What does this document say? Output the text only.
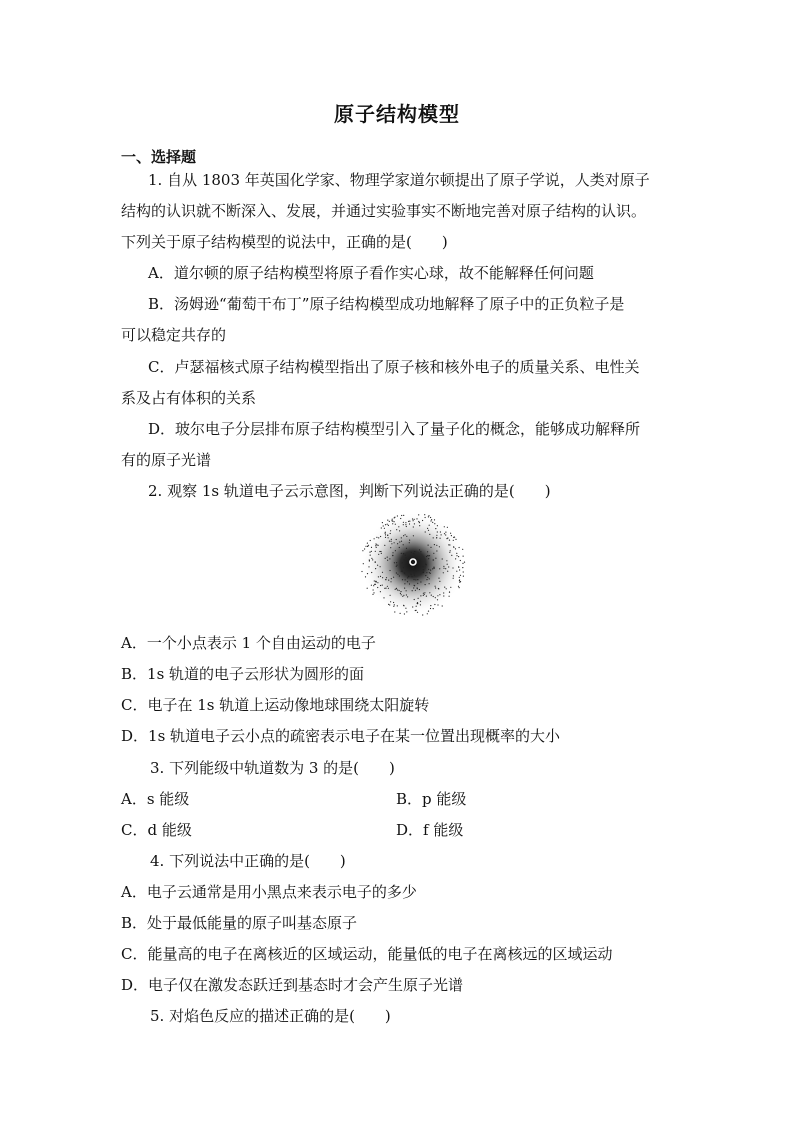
原子结构模型
一、选择题
1. 自从 1803 年英国化学家、物理学家道尔顿提出了原子学说，人类对原子
结构的认识就不断深入、发展，并通过实验事实不断地完善对原子结构的认识。
下列关于原子结构模型的说法中，正确的是(　　)
A．道尔顿的原子结构模型将原子看作实心球，故不能解释任何问题
B．汤姆逊“葡萄干布丁”原子结构模型成功地解释了原子中的正负粒子是
可以稳定共存的
C．卢瑟福核式原子结构模型指出了原子核和核外电子的质量关系、电性关
系及占有体积的关系
D．玻尔电子分层排布原子结构模型引入了量子化的概念，能够成功解释所
有的原子光谱
2. 观察 1s 轨道电子云示意图，判断下列说法正确的是(　　)
A．一个小点表示 1 个自由运动的电子
B．1s 轨道的电子云形状为圆形的面
C．电子在 1s 轨道上运动像地球围绕太阳旋转
D．1s 轨道电子云小点的疏密表示电子在某一位置出现概率的大小
3. 下列能级中轨道数为 3 的是(　　)
A．s 能级	B．p 能级
C．d 能级	D．f 能级
4. 下列说法中正确的是(　　)
A．电子云通常是用小黑点来表示电子的多少
B．处于最低能量的原子叫基态原子
C．能量高的电子在离核近的区域运动，能量低的电子在离核远的区域运动
D．电子仅在激发态跃迁到基态时才会产生原子光谱
5. 对焰色反应的描述正确的是(　　)
